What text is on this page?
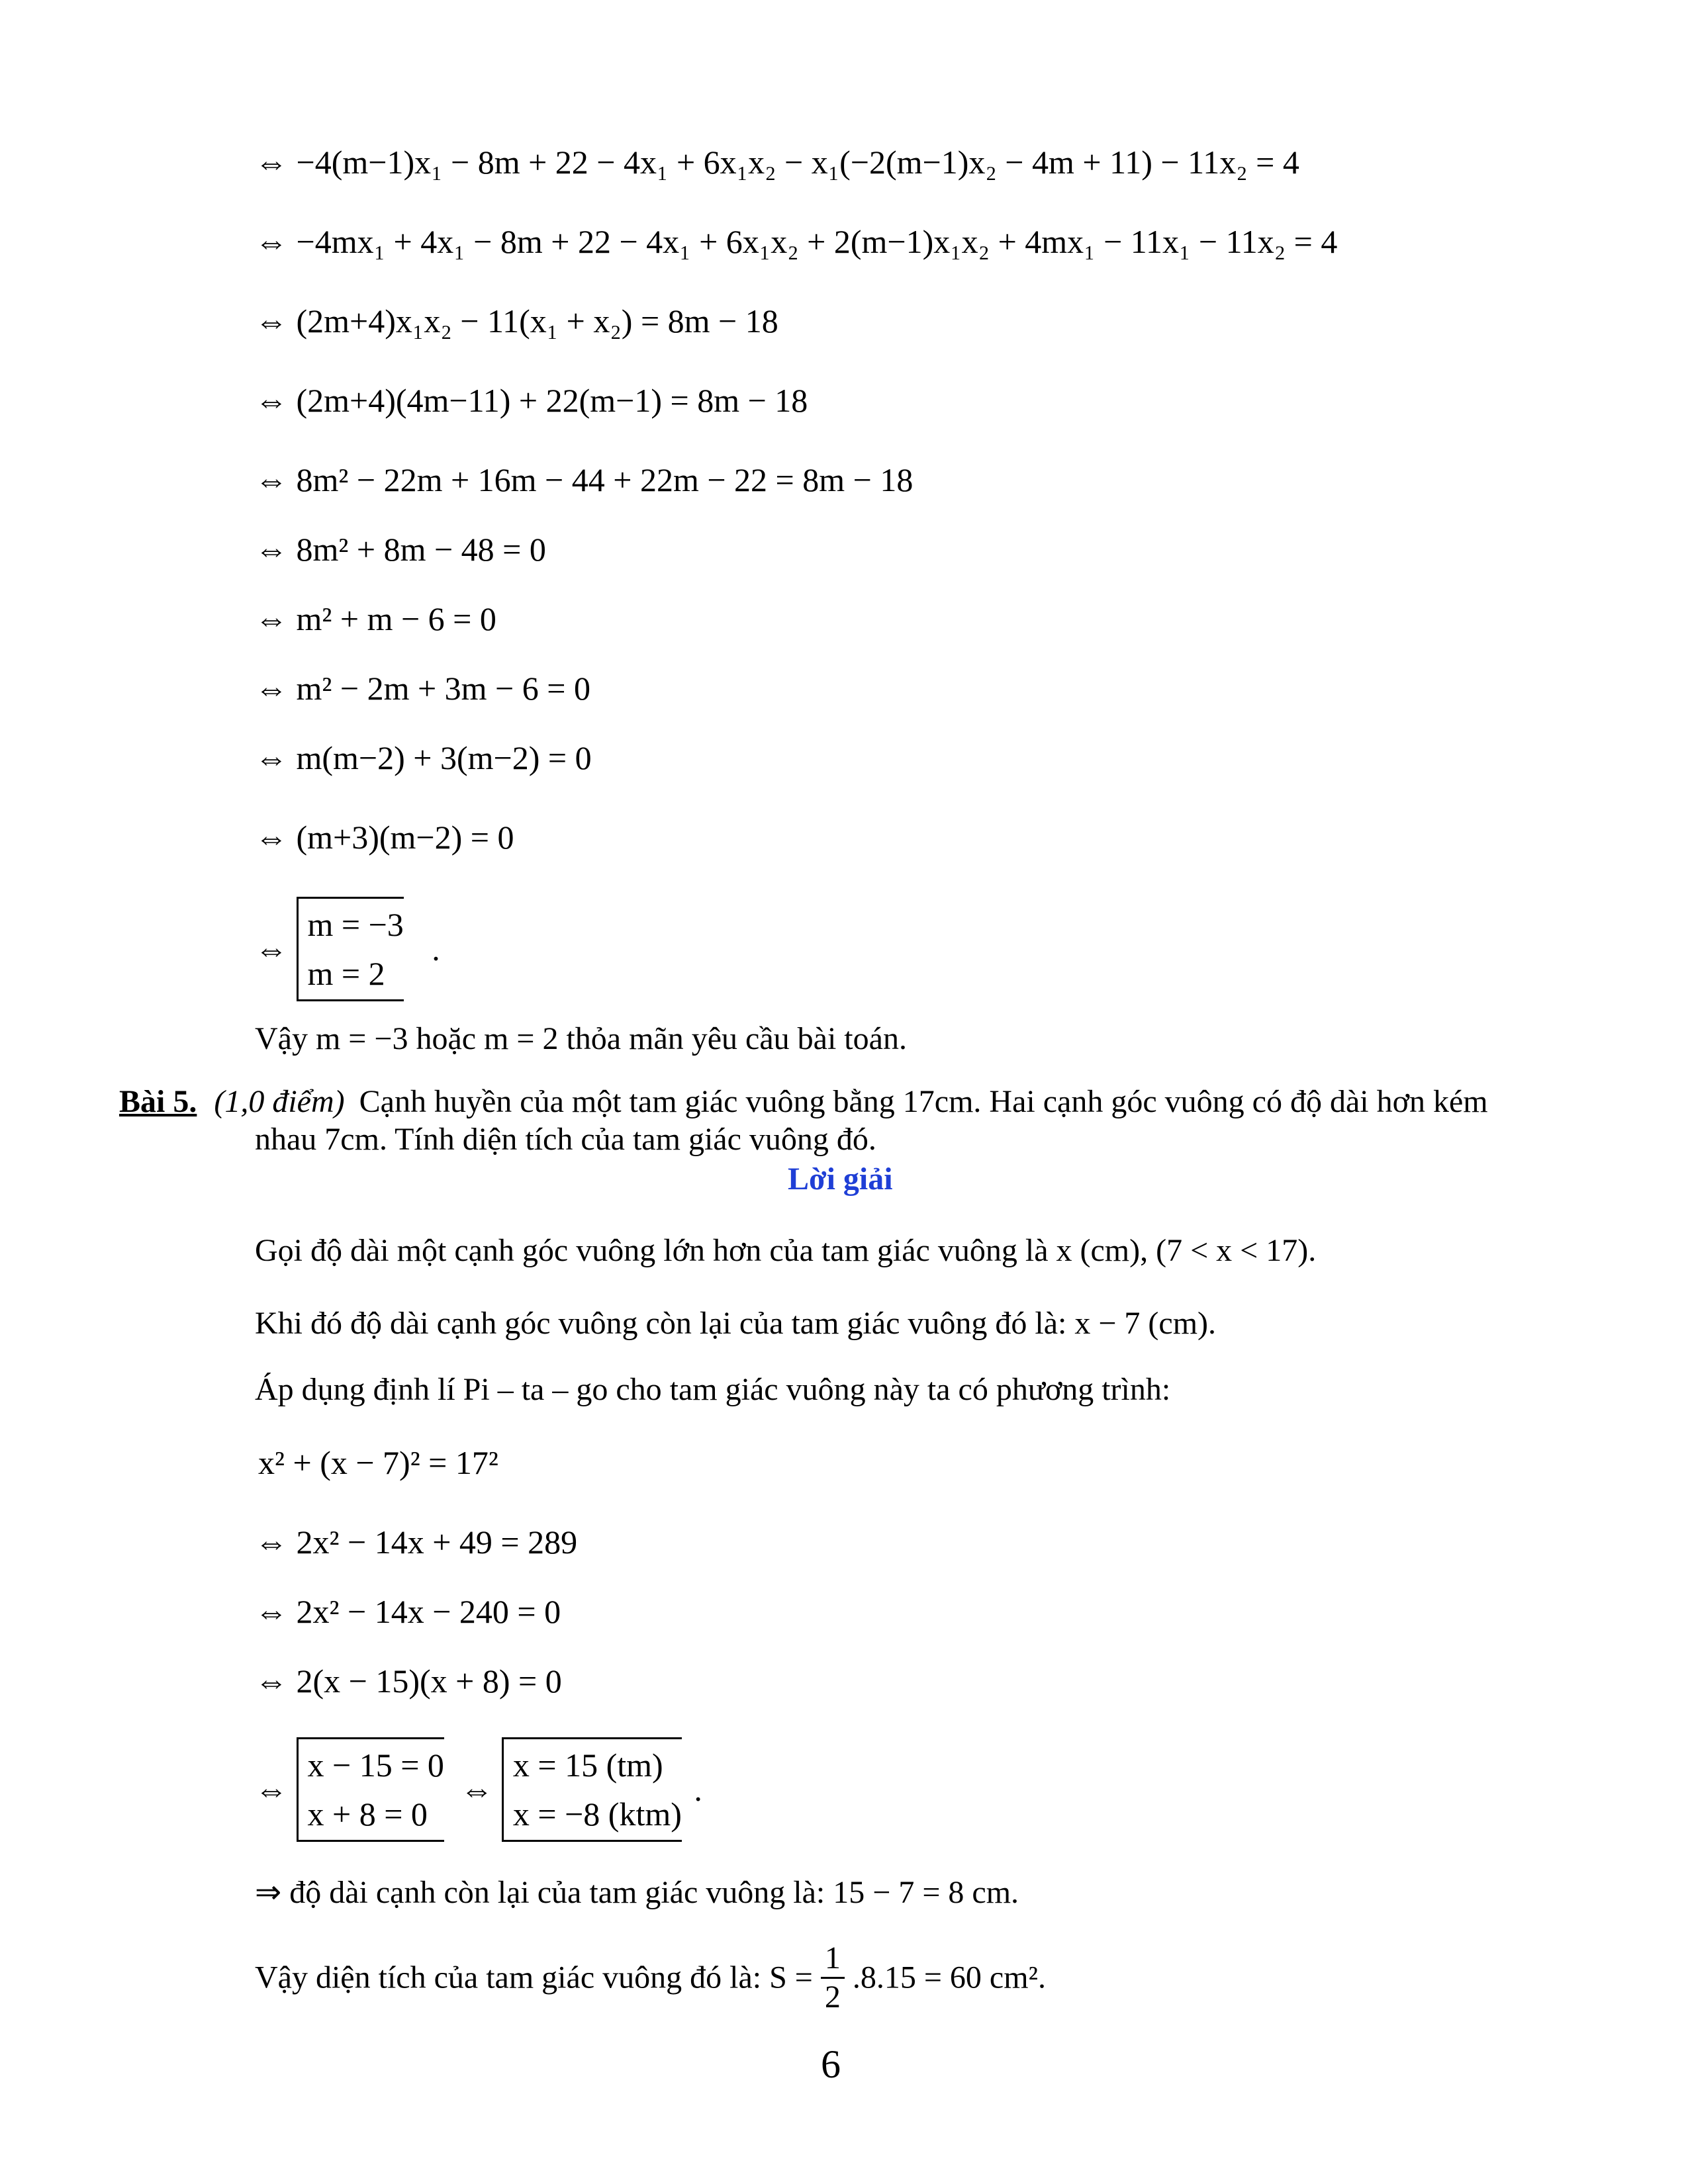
⇔ −4(m−1)x₁ − 8m + 22 − 4x₁ + 6x₁x₂ − x₁(−2(m−1)x₂ − 4m + 11) − 11x₂ = 4
⇔ −4mx₁ + 4x₁ − 8m + 22 − 4x₁ + 6x₁x₂ + 2(m−1)x₁x₂ + 4mx₁ − 11x₁ − 11x₂ = 4
⇔ (2m+4)x₁x₂ − 11(x₁ + x₂) = 8m − 18
⇔ (2m+4)(4m−11) + 22(m−1) = 8m − 18
⇔ 8m² − 22m + 16m − 44 + 22m − 22 = 8m − 18
⇔ 8m² + 8m − 48 = 0
⇔ m² + m − 6 = 0
⇔ m² − 2m + 3m − 6 = 0
⇔ m(m−2) + 3(m−2) = 0
⇔ (m+3)(m−2) = 0
⇔
m = −3
m = 2
.
Vậy m = −3 hoặc m = 2 thỏa mãn yêu cầu bài toán.
Bài 5. (1,0 điểm) Cạnh huyền của một tam giác vuông bằng 17cm. Hai cạnh góc vuông có độ dài hơn kém
nhau 7cm. Tính diện tích của tam giác vuông đó.
Lời giải
Gọi độ dài một cạnh góc vuông lớn hơn của tam giác vuông là x (cm), (7 < x < 17).
Khi đó độ dài cạnh góc vuông còn lại của tam giác vuông đó là: x − 7 (cm).
Áp dụng định lí Pi – ta – go cho tam giác vuông này ta có phương trình:
x² + (x − 7)² = 17²
⇔ 2x² − 14x + 49 = 289
⇔ 2x² − 14x − 240 = 0
⇔ 2(x − 15)(x + 8) = 0
⇔
x − 15 = 0
x + 8 = 0
⇔
x = 15 (tm)
x = −8 (ktm)
.
⇒ độ dài cạnh còn lại của tam giác vuông là: 15 − 7 = 8 cm.
Vậy diện tích của tam giác vuông đó là: $S = \frac{1}{2} .8.15 = 60$ cm².
6
